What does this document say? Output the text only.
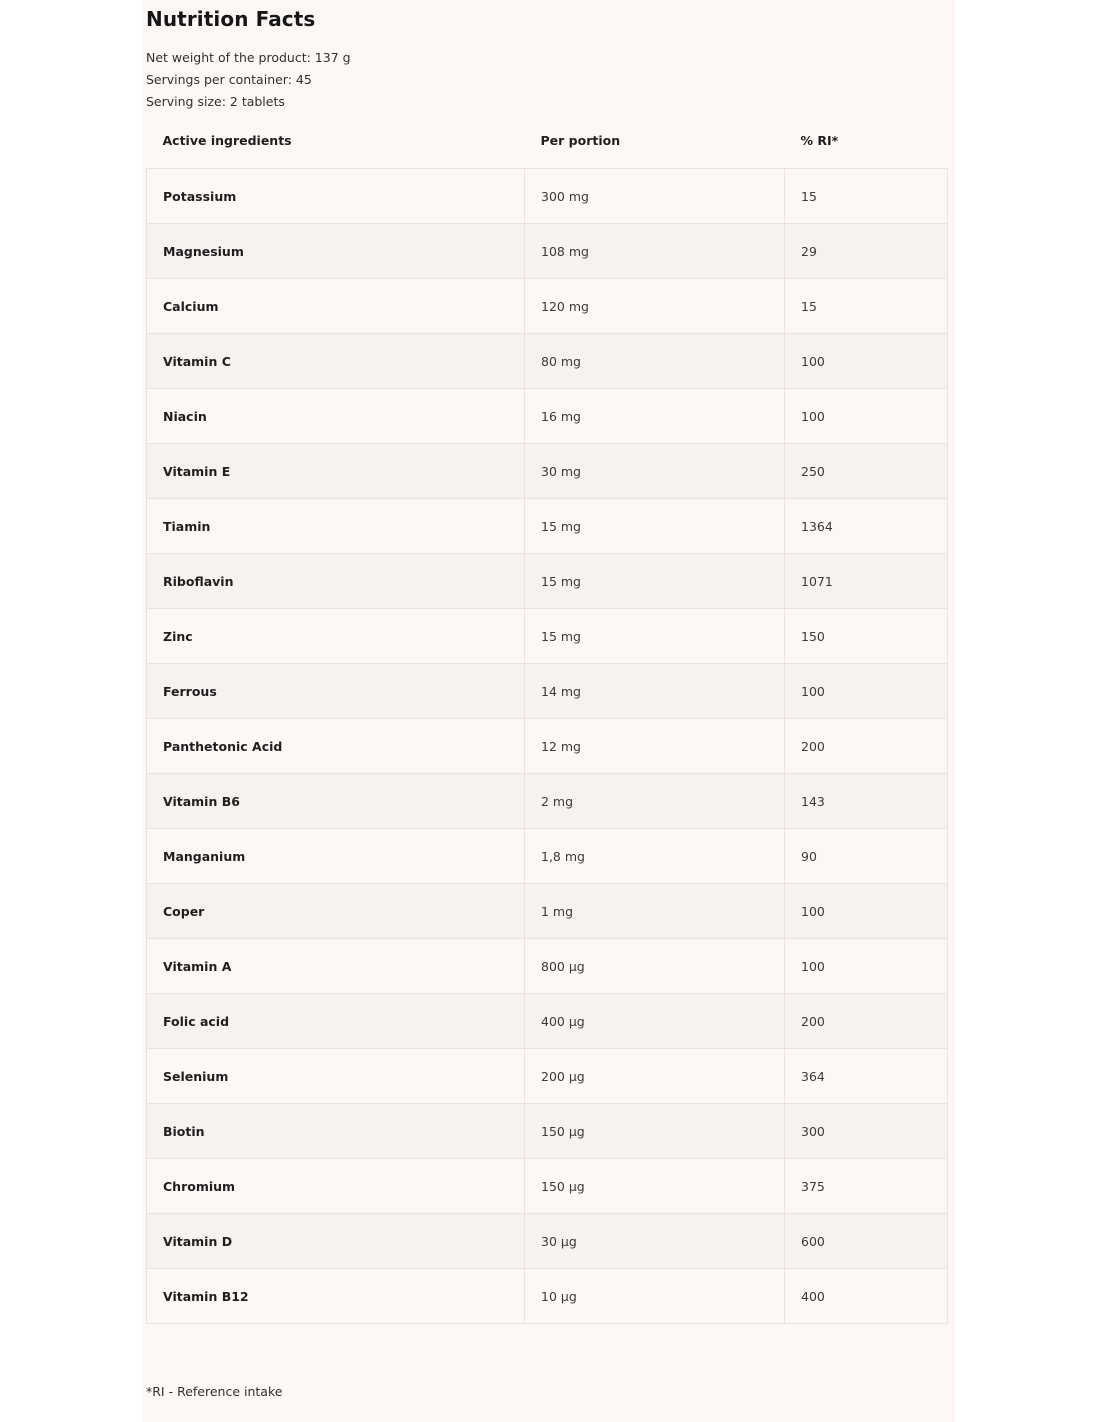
Nutrition Facts

Net weight of the product: 137 g

Servings per container: 45

Serving size: 2 tablets

Active ingredients	Per portion	% RI*
Potassium	300 mg	15
Magnesium	108 mg	29
Calcium	120 mg	15
Vitamin C	80 mg	100
Niacin	16 mg	100
Vitamin E	30 mg	250
Tiamin	15 mg	1364
Riboflavin	15 mg	1071
Zinc	15 mg	150
Ferrous	14 mg	100
Panthetonic Acid	12 mg	200
Vitamin B6	2 mg	143
Manganium	1,8 mg	90
Coper	1 mg	100
Vitamin A	800 µg	100
Folic acid	400 µg	200
Selenium	200 µg	364
Biotin	150 µg	300
Chromium	150 µg	375
Vitamin D	30 µg	600
Vitamin B12	10 µg	400

*RI - Reference intake
